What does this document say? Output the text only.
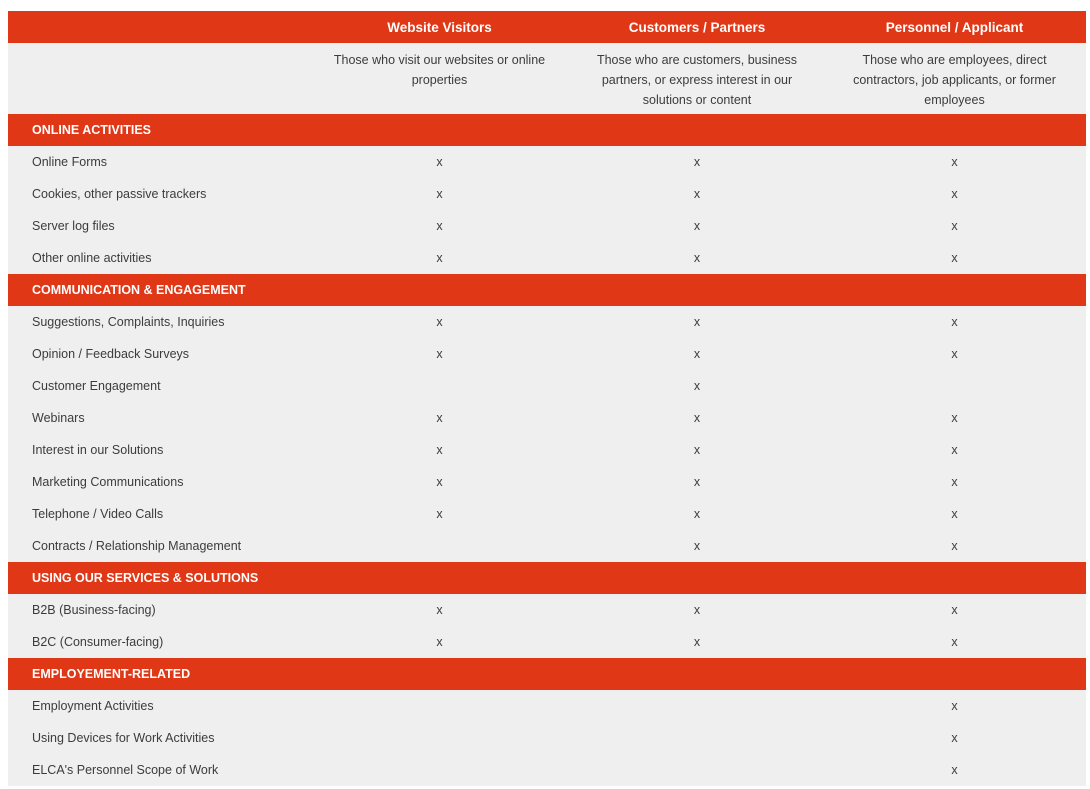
	Website Visitors	Customers / Partners	Personnel / Applicant
	Those who visit our websites or online properties	Those who are customers, business partners, or express interest in our solutions or content	Those who are employees, direct contractors, job applicants, or former employees
ONLINE ACTIVITIES			
Online Forms	x	x	x
Cookies, other passive trackers	x	x	x
Server log files	x	x	x
Other online activities	x	x	x
COMMUNICATION & ENGAGEMENT			
Suggestions, Complaints, Inquiries	x	x	x
Opinion / Feedback Surveys	x	x	x
Customer Engagement		x	
Webinars	x	x	x
Interest in our Solutions	x	x	x
Marketing Communications	x	x	x
Telephone / Video Calls	x	x	x
Contracts / Relationship Management		x	x
USING OUR SERVICES & SOLUTIONS			
B2B (Business-facing)	x	x	x
B2C (Consumer-facing)	x	x	x
EMPLOYEMENT-RELATED			
Employment Activities			x
Using Devices for Work Activities			x
ELCA's Personnel Scope of Work			x
